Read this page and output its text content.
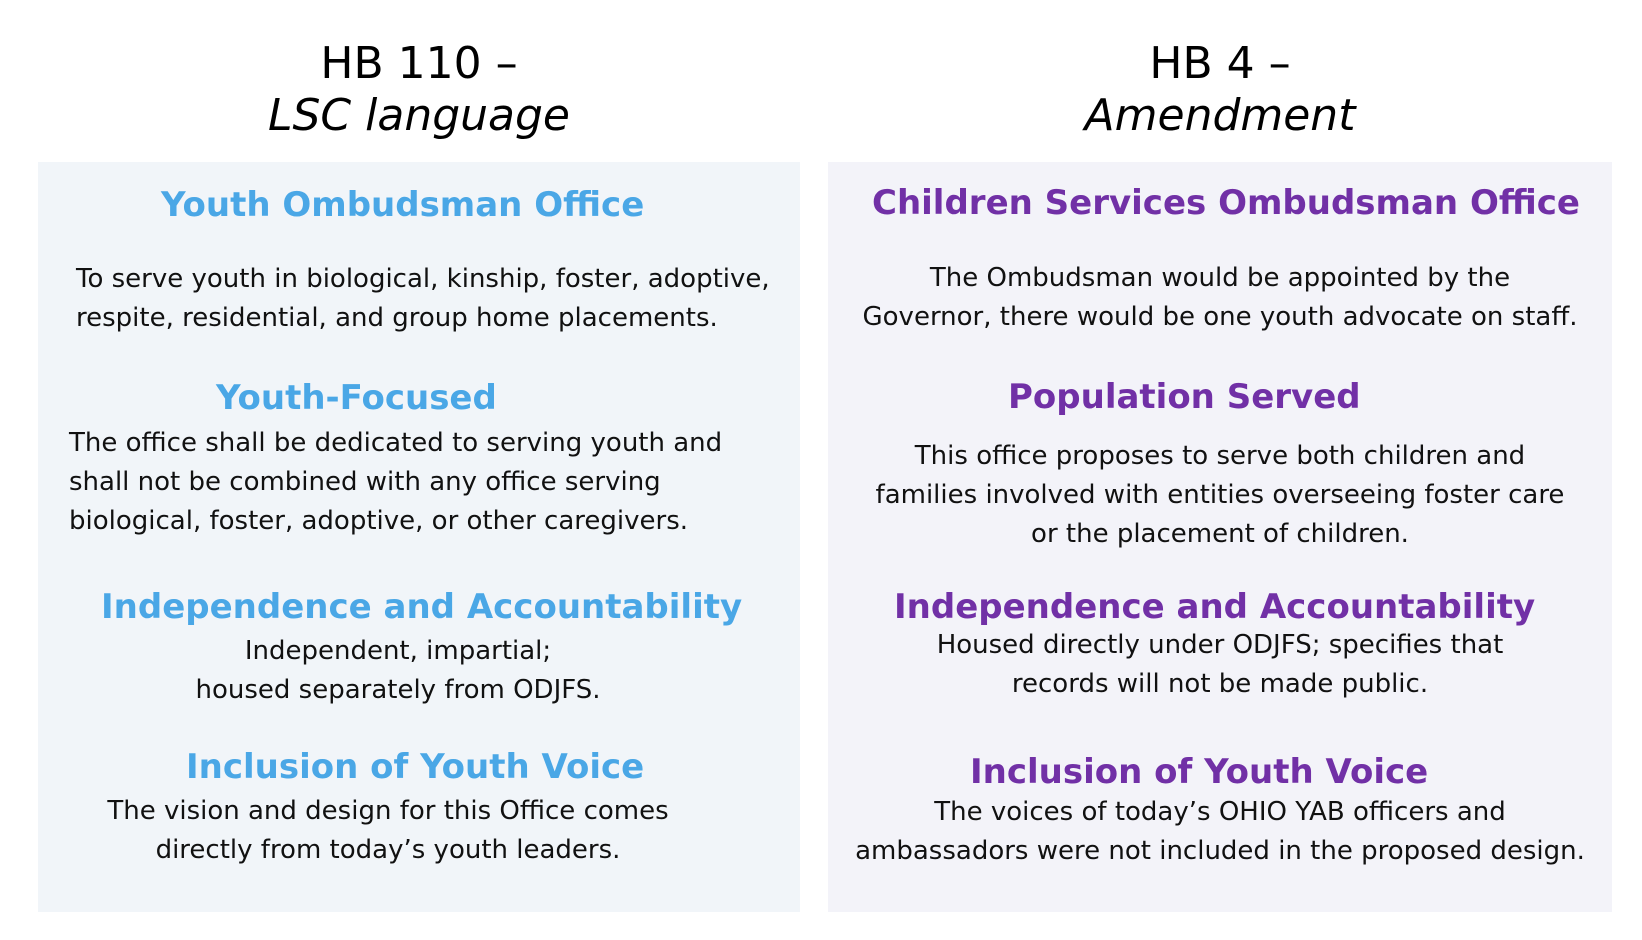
HB 110 –
LSC language
HB 4 –
Amendment
Youth Ombudsman Office
To serve youth in biological, kinship, foster, adoptive,
respite, residential, and group home placements.
Youth-Focused
The office shall be dedicated to serving youth and
shall not be combined with any office serving
biological, foster, adoptive, or other caregivers.
Independence and Accountability
Independent, impartial;
housed separately from ODJFS.
Inclusion of Youth Voice
The vision and design for this Office comes
directly from today’s youth leaders.
Children Services Ombudsman Office
The Ombudsman would be appointed by the
Governor, there would be one youth advocate on staff.
Population Served
This office proposes to serve both children and
families involved with entities overseeing foster care
or the placement of children.
Independence and Accountability
Housed directly under ODJFS; specifies that
records will not be made public.
Inclusion of Youth Voice
The voices of today’s OHIO YAB officers and
ambassadors were not included in the proposed design.
